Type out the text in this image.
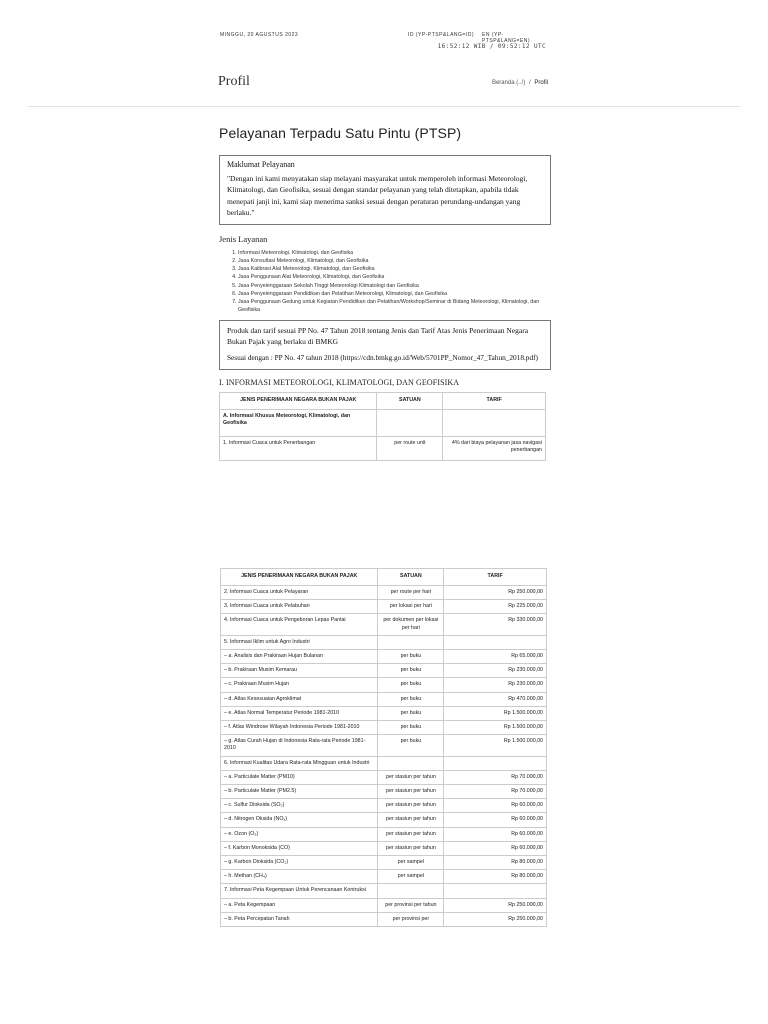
MINGGU, 20 AGUSTUS 2023	ID (YP-PTSP&LANG=ID) EN (YP-PTSP&LANG=EN)
16:52:12 WIB / 09:52:12 UTC
Profil	Beranda (../) / Profil
Pelayanan Terpadu Satu Pintu (PTSP)
Maklumat Pelayanan
"Dengan ini kami menyatakan siap melayani masyarakat untuk memperoleh informasi Meteorologi, Klimatologi, dan Geofisika, sesuai dengan standar pelayanan yang telah ditetapkan, apabila tidak menepati janji ini, kami siap menerima sanksi sesuai dengan peraturan perundang-undangan yang berlaku."
Jenis Layanan
1. Informasi Meteorologi, Klimatologi, dan Geofisika
2. Jasa Konsultasi Meteorologi, Klimatologi, dan Geofisika
3. Jasa Kalibrasi Alat Meteorologi, Klimatologi, dan Geofisika
4. Jasa Penggunaan Alat Meteorologi, Klimatologi, dan Geofisika
5. Jasa Penyelenggaraan Sekolah Tinggi Meteorologi Klimatologi dan Geofisika
6. Jasa Penyelenggaraan Pendidikan dan Pelatihan Meteorologi, Klimatologi, dan Geofisika
7. Jasa Penggunaan Gedung untuk Kegiatan Pendidikan dan Pelatihan/Workshop/Seminar di Bidang Meteorologi, Klimatologi, dan Geofisika
Produk dan tarif sesuai PP No. 47 Tahun 2018 tentang Jenis dan Tarif Atas Jenis Penerimaan Negara Bukan Pajak yang berlaku di BMKG
Sesuai dengan : PP No. 47 tahun 2018 (https://cdn.bmkg.go.id/Web/5701PP_Nomor_47_Tahun_2018.pdf)
I. INFORMASI METEOROLOGI, KLIMATOLOGI, DAN GEOFISIKA
JENIS PENERIMAAN NEGARA BUKAN PAJAK	SATUAN	TARIF
A. Informasi Khusus Meteorologi, Klimatologi, dan Geofisika		
1. Informasi Cuaca untuk Penerbangan	per route unit	4% dari biaya pelayanan jasa navigasi penerbangan
JENIS PENERIMAAN NEGARA BUKAN PAJAK	SATUAN	TARIF
2. Informasi Cuaca untuk Pelayaran	per route per hari	Rp 250.000,00
3. Informasi Cuaca untuk Pelabuhan	per lokasi per hari	Rp 225.000,00
4. Informasi Cuaca untuk Pengeboran Lepas Pantai	per dokumen per lokasi per hari	Rp 330.000,00
5. Informasi Iklim untuk Agro Industri		
– a. Analisis dan Prakiraan Hujan Bulanan	per buku	Rp 65.000,00
– b. Prakiraan Musim Kemarau	per buku	Rp 230.000,00
– c. Prakiraan Musim Hujan	per buku	Rp 230.000,00
– d. Atlas Kesesuaian Agroklimat	per buku	Rp 470.000,00
– e. Atlas Normal Temperatur Periode 1981-2010	per buku	Rp 1.500.000,00
– f. Atlas Windrose Wilayah Indonesia Periode 1981-2010	per buku	Rp 1.500.000,00
– g. Atlas Curah Hujan di Indonesia Rata-rata Periode 1981-2010	per buku	Rp 1.500.000,00
6. Informasi Kualitas Udara Rata-rata Mingguan untuk Industri		
– a. Particulate Matter (PM10)	per stasiun per tahun	Rp 70.000,00
– b. Particulate Matter (PM2.5)	per stasiun per tahun	Rp 70.000,00
– c. Sulfur Dioksida (SO₂)	per stasiun per tahun	Rp 60.000,00
– d. Nitrogen Oksida (NOₓ)	per stasiun per tahun	Rp 60.000,00
– e. Ozon (O₃)	per stasiun per tahun	Rp 60.000,00
– f. Karbon Monoksida (CO)	per stasiun per tahun	Rp 60.000,00
– g. Karbon Dioksida (CO₂)	per sampel	Rp 80.000,00
– h. Methan (CH₄)	per sampel	Rp 80.000,00
7. Informasi Peta Kegempaan Untuk Perencanaan Kontruksi		
– a. Peta Kegempaan	per provinsi per tahun	Rp 250.000,00
– b. Peta Percepatan Tanah	per provinsi per	Rp 250.000,00
